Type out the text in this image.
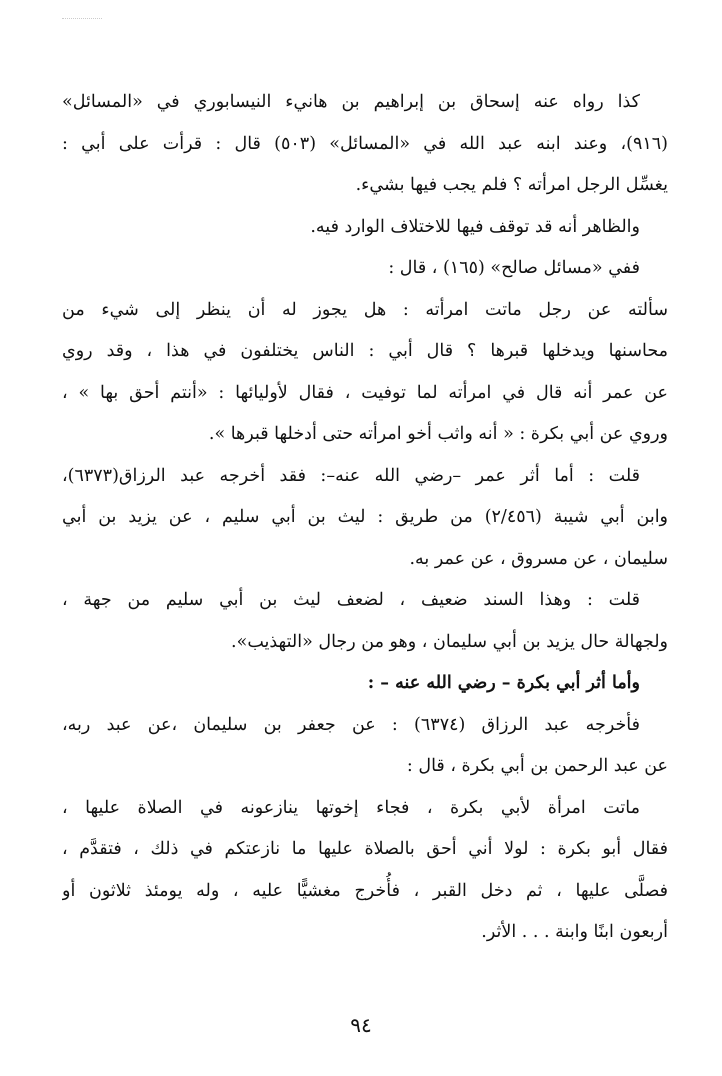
كذا رواه عنه إسحاق بن إبراهيم بن هانيء النيسابوري في «المسائل»
(٩١٦)، وعند ابنه عبد الله في «المسائل» (٥٠٣) قال : قرأت على أبي :
يغسِّل الرجل امرأته ؟ فلم يجب فيها بشيء.
والظاهر أنه قد توقف فيها للاختلاف الوارد فيه.
ففي «مسائل صالح» (١٦٥) ، قال :
سألته عن رجل ماتت امرأته : هل يجوز له أن ينظر إلى شيء من
محاسنها ويدخلها قبرها ؟ قال أبي : الناس يختلفون في هذا ، وقد روي
عن عمر أنه قال في امرأته لما توفيت ، فقال لأوليائها : «أنتم أحق بها » ،
وروي عن أبي بكرة : « أنه واثب أخو امرأته حتى أدخلها قبرها ».
قلت : أما أثر عمر –رضي الله عنه–: فقد أخرجه عبد الرزاق(٦٣٧٣)،
وابن أبي شيبة (٢/٤٥٦) من طريق : ليث بن أبي سليم ، عن يزيد بن أبي
سليمان ، عن مسروق ، عن عمر به.
قلت : وهذا السند ضعيف ، لضعف ليث بن أبي سليم من جهة ،
ولجهالة حال يزيد بن أبي سليمان ، وهو من رجال «التهذيب».
وأما أثر أبي بكرة – رضي الله عنه – :
فأخرجه عبد الرزاق (٦٣٧٤) : عن جعفر بن سليمان ،عن عبد ربه،
عن عبد الرحمن بن أبي بكرة ، قال :
ماتت امرأة لأبي بكرة ، فجاء إخوتها ينازعونه في الصلاة عليها ،
فقال أبو بكرة : لولا أني أحق بالصلاة عليها ما نازعتكم في ذلك ، فتقدَّم ،
فصلَّى عليها ، ثم دخل القبر ، فأُخرج مغشيًّا عليه ، وله يومئذ ثلاثون أو
أربعون ابنًا وابنة . . . الأثر.
٩٤
